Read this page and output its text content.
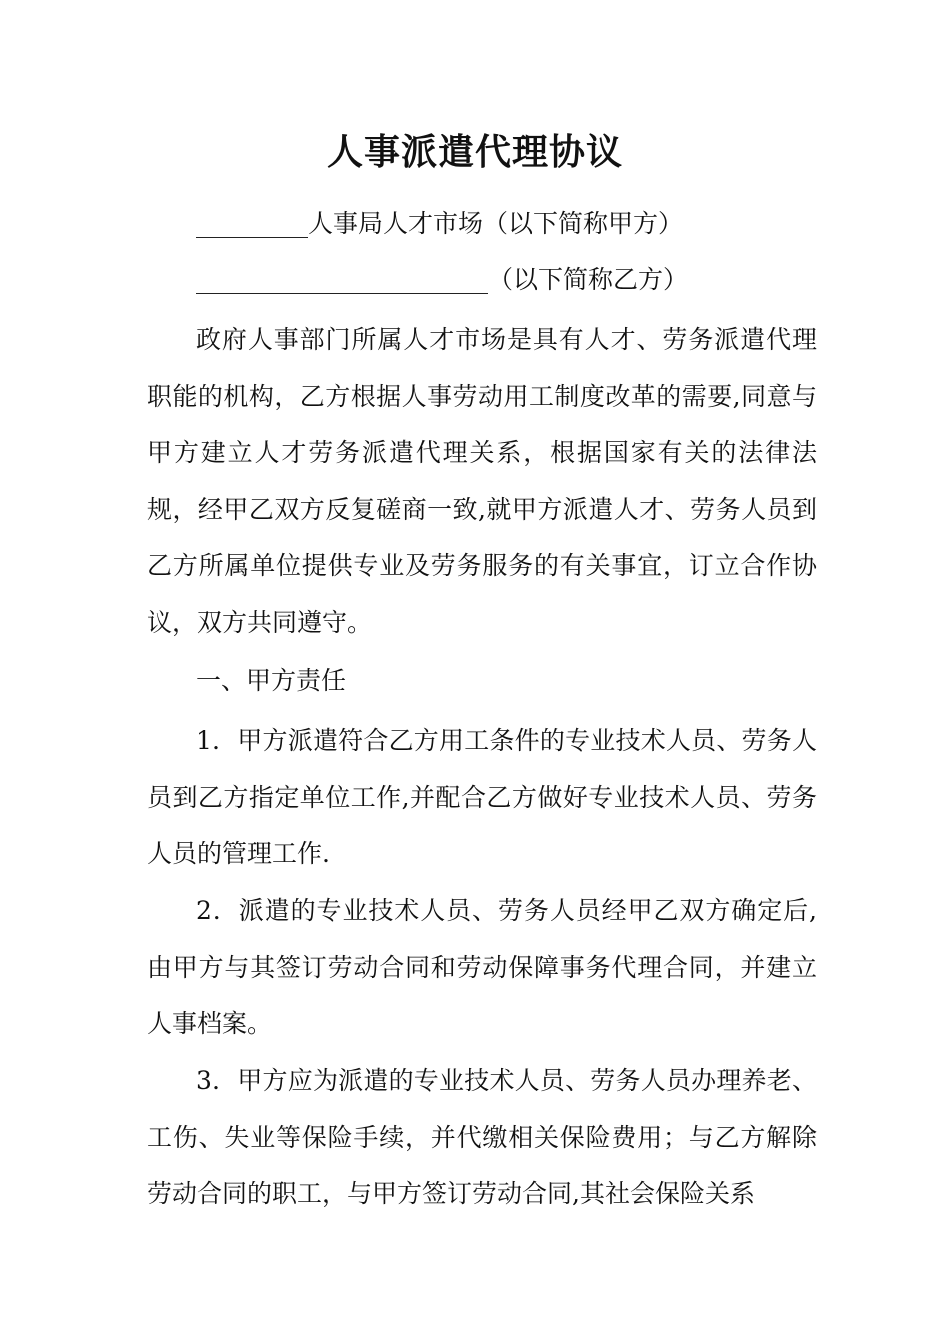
人事派遣代理协议
人事局人才市场（以下简称甲方）
（以下简称乙方）

政府人事部门所属人才市场是具有人才、劳务派遣代理职能的机构，乙方根据人事劳动用工制度改革的需要,同意与甲方建立人才劳务派遣代理关系，根据国家有关的法律法规，经甲乙双方反复磋商一致,就甲方派遣人才、劳务人员到乙方所属单位提供专业及劳务服务的有关事宜，订立合作协议，双方共同遵守。

一、甲方责任

1．甲方派遣符合乙方用工条件的专业技术人员、劳务人员到乙方指定单位工作,并配合乙方做好专业技术人员、劳务人员的管理工作.

2．派遣的专业技术人员、劳务人员经甲乙双方确定后,由甲方与其签订劳动合同和劳动保障事务代理合同，并建立人事档案。

3．甲方应为派遣的专业技术人员、劳务人员办理养老、工伤、失业等保险手续，并代缴相关保险费用；与乙方解除劳动合同的职工，与甲方签订劳动合同,其社会保险关系
